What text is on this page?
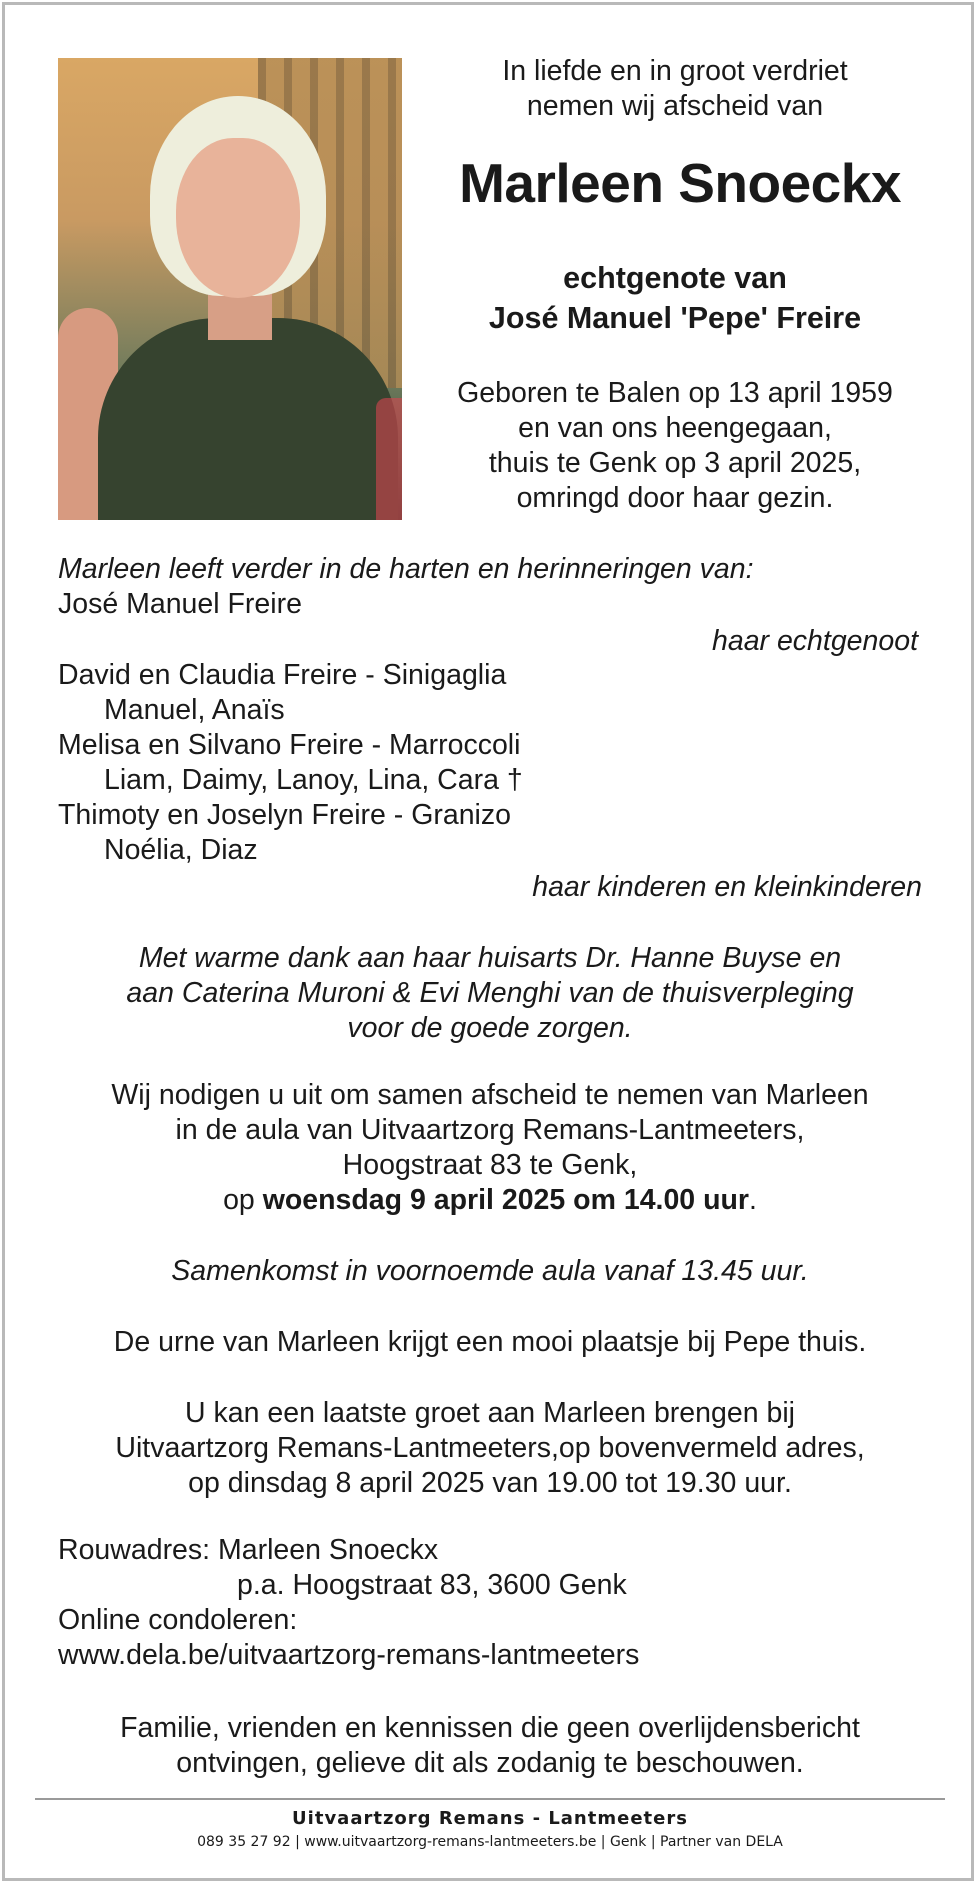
In liefde en in groot verdriet
nemen wij afscheid van
Marleen Snoeckx
echtgenote van
José Manuel 'Pepe' Freire
Geboren te Balen op 13 april 1959
en van ons heengegaan,
thuis te Genk op 3 april 2025,
omringd door haar gezin.
Marleen leeft verder in de harten en herinneringen van:
José Manuel Freire
haar echtgenoot
David en Claudia Freire - Sinigaglia
Manuel, Anaïs
Melisa en Silvano Freire - Marroccoli
Liam, Daimy, Lanoy, Lina, Cara †
Thimoty en Joselyn Freire - Granizo
Noélia, Diaz
haar kinderen en kleinkinderen
Met warme dank aan haar huisarts Dr. Hanne Buyse en
aan Caterina Muroni & Evi Menghi van de thuisverpleging
voor de goede zorgen.
Wij nodigen u uit om samen afscheid te nemen van Marleen
in de aula van Uitvaartzorg Remans-Lantmeeters,
Hoogstraat 83 te Genk,
op woensdag 9 april 2025 om 14.00 uur.
Samenkomst in voornoemde aula vanaf 13.45 uur.
De urne van Marleen krijgt een mooi plaatsje bij Pepe thuis.
U kan een laatste groet aan Marleen brengen bij
Uitvaartzorg Remans-Lantmeeters,op bovenvermeld adres,
op dinsdag 8 april 2025 van 19.00 tot 19.30 uur.
Rouwadres: Marleen Snoeckx
p.a. Hoogstraat 83, 3600 Genk
Online condoleren:
www.dela.be/uitvaartzorg-remans-lantmeeters
Familie, vrienden en kennissen die geen overlijdensbericht
ontvingen, gelieve dit als zodanig te beschouwen.
Uitvaartzorg Remans - Lantmeeters
089 35 27 92 | www.uitvaartzorg-remans-lantmeeters.be | Genk | Partner van DELA
